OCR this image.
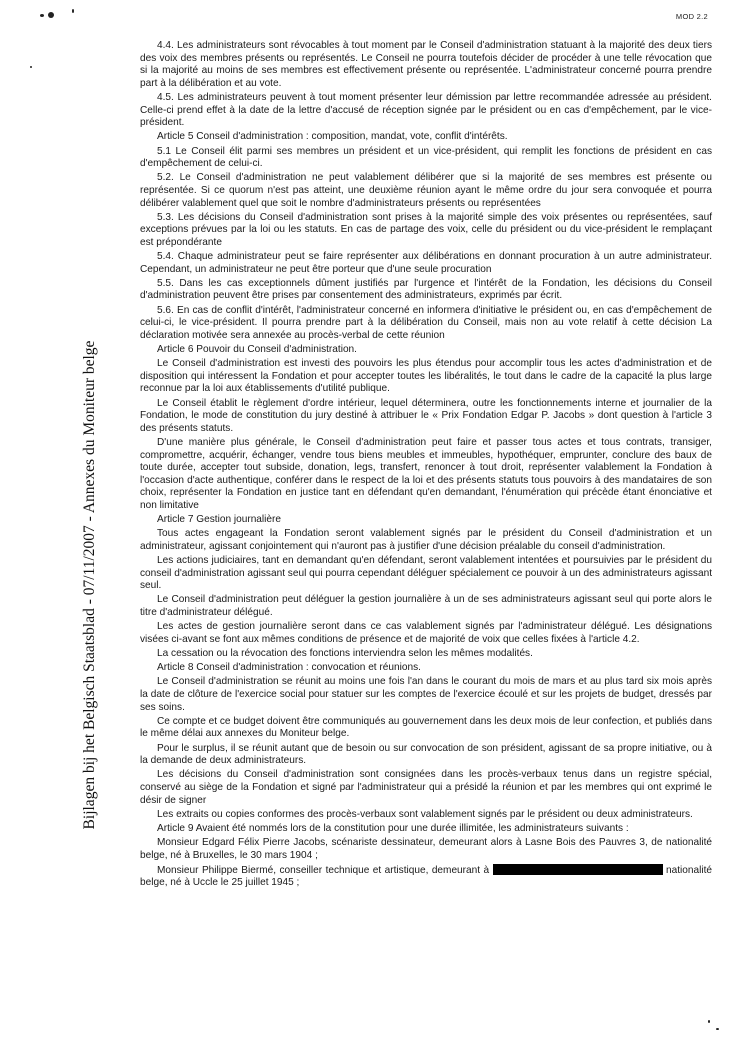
MOD 2.2
Bijlagen bij het Belgisch Staatsblad - 07/11/2007 - Annexes du Moniteur belge

4.4. Les administrateurs sont révocables à tout moment par le Conseil d'administration statuant à la majorité des deux tiers des voix des membres présents ou représentés. Le Conseil ne pourra toutefois décider de procéder à une telle révocation que si la majorité au moins de ses membres est effectivement présente ou représentée. L'administrateur concerné pourra prendre part à la délibération et au vote.

4.5. Les administrateurs peuvent à tout moment présenter leur démission par lettre recommandée adressée au président. Celle-ci prend effet à la date de la lettre d'accusé de réception signée par le président ou en cas d'empêchement, par le vice-président.

Article 5 Conseil d'administration : composition, mandat, vote, conflit d'intérêts.

5.1 Le Conseil élit parmi ses membres un président et un vice-président, qui remplit les fonctions de président en cas d'empêchement de celui-ci.

5.2. Le Conseil d'administration ne peut valablement délibérer que si la majorité de ses membres est présente ou représentée. Si ce quorum n'est pas atteint, une deuxième réunion ayant le même ordre du jour sera convoquée et pourra délibérer valablement quel que soit le nombre d'administrateurs présents ou représentées

5.3. Les décisions du Conseil d'administration sont prises à la majorité simple des voix présentes ou représentées, sauf exceptions prévues par la loi ou les statuts. En cas de partage des voix, celle du président ou du vice-président le remplaçant est prépondérante

5.4. Chaque administrateur peut se faire représenter aux délibérations en donnant procuration à un autre administrateur. Cependant, un administrateur ne peut être porteur que d'une seule procuration

5.5. Dans les cas exceptionnels dûment justifiés par l'urgence et l'intérêt de la Fondation, les décisions du Conseil d'administration peuvent être prises par consentement des administrateurs, exprimés par écrit.

5.6. En cas de conflit d'intérêt, l'administrateur concerné en informera d'initiative le président ou, en cas d'empêchement de celui-ci, le vice-président. Il pourra prendre part à la délibération du Conseil, mais non au vote relatif à cette décision La déclaration motivée sera annexée au procès-verbal de cette réunion

Article 6 Pouvoir du Conseil d'administration.

Le Conseil d'administration est investi des pouvoirs les plus étendus pour accomplir tous les actes d'administration et de disposition qui intéressent la Fondation et pour accepter toutes les libéralités, le tout dans le cadre de la capacité la plus large reconnue par la loi aux établissements d'utilité publique.

Le Conseil établit le règlement d'ordre intérieur, lequel déterminera, outre les fonctionnements interne et journalier de la Fondation, le mode de constitution du jury destiné à attribuer le « Prix Fondation Edgar P. Jacobs » dont question à l'article 3 des présents statuts.

D'une manière plus générale, le Conseil d'administration peut faire et passer tous actes et tous contrats, transiger, compromettre, acquérir, échanger, vendre tous biens meubles et immeubles, hypothéquer, emprunter, conclure des baux de toute durée, accepter tout subside, donation, legs, transfert, renoncer à tout droit, représenter valablement la Fondation à l'occasion d'acte authentique, conférer dans le respect de la loi et des présents statuts tous pouvoirs à des mandataires de son choix, représenter la Fondation en justice tant en défendant qu'en demandant, l'énumération qui précède étant énonciative et non limitative

Article 7 Gestion journalière

Tous actes engageant la Fondation seront valablement signés par le président du Conseil d'administration et un administrateur, agissant conjointement qui n'auront pas à justifier d'une décision préalable du conseil d'administration.

Les actions judiciaires, tant en demandant qu'en défendant, seront valablement intentées et poursuivies par le président du conseil d'administration agissant seul qui pourra cependant déléguer spécialement ce pouvoir à un des administrateurs agissant seul.

Le Conseil d'administration peut déléguer la gestion journalière à un de ses administrateurs agissant seul qui porte alors le titre d'administrateur délégué.

Les actes de gestion journalière seront dans ce cas valablement signés par l'administrateur délégué. Les désignations visées ci-avant se font aux mêmes conditions de présence et de majorité de voix que celles fixées à l'article 4.2.

La cessation ou la révocation des fonctions interviendra selon les mêmes modalités.

Article 8 Conseil d'administration : convocation et réunions.

Le Conseil d'administration se réunit au moins une fois l'an dans le courant du mois de mars et au plus tard six mois après la date de clôture de l'exercice social pour statuer sur les comptes de l'exercice écoulé et sur les projets de budget, dressés par ses soins.

Ce compte et ce budget doivent être communiqués au gouvernement dans les deux mois de leur confection, et publiés dans le même délai aux annexes du Moniteur belge.

Pour le surplus, il se réunit autant que de besoin ou sur convocation de son président, agissant de sa propre initiative, ou à la demande de deux administrateurs.

Les décisions du Conseil d'administration sont consignées dans les procès-verbaux tenus dans un registre spécial, conservé au siège de la Fondation et signé par l'administrateur qui a présidé la réunion et par les membres qui ont exprimé le désir de signer

Les extraits ou copies conformes des procès-verbaux sont valablement signés par le président ou deux administrateurs.

Article 9 Avaient été nommés lors de la constitution pour une durée illimitée, les administrateurs suivants :

Monsieur Edgard Félix Pierre Jacobs, scénariste dessinateur, demeurant alors à Lasne Bois des Pauvres 3, de nationalité belge, né à Bruxelles, le 30 mars 1904 ;

Monsieur Philippe Biermé, conseiller technique et artistique, demeurant à	nationalité belge, né à Uccle le 25 juillet 1945 ;
